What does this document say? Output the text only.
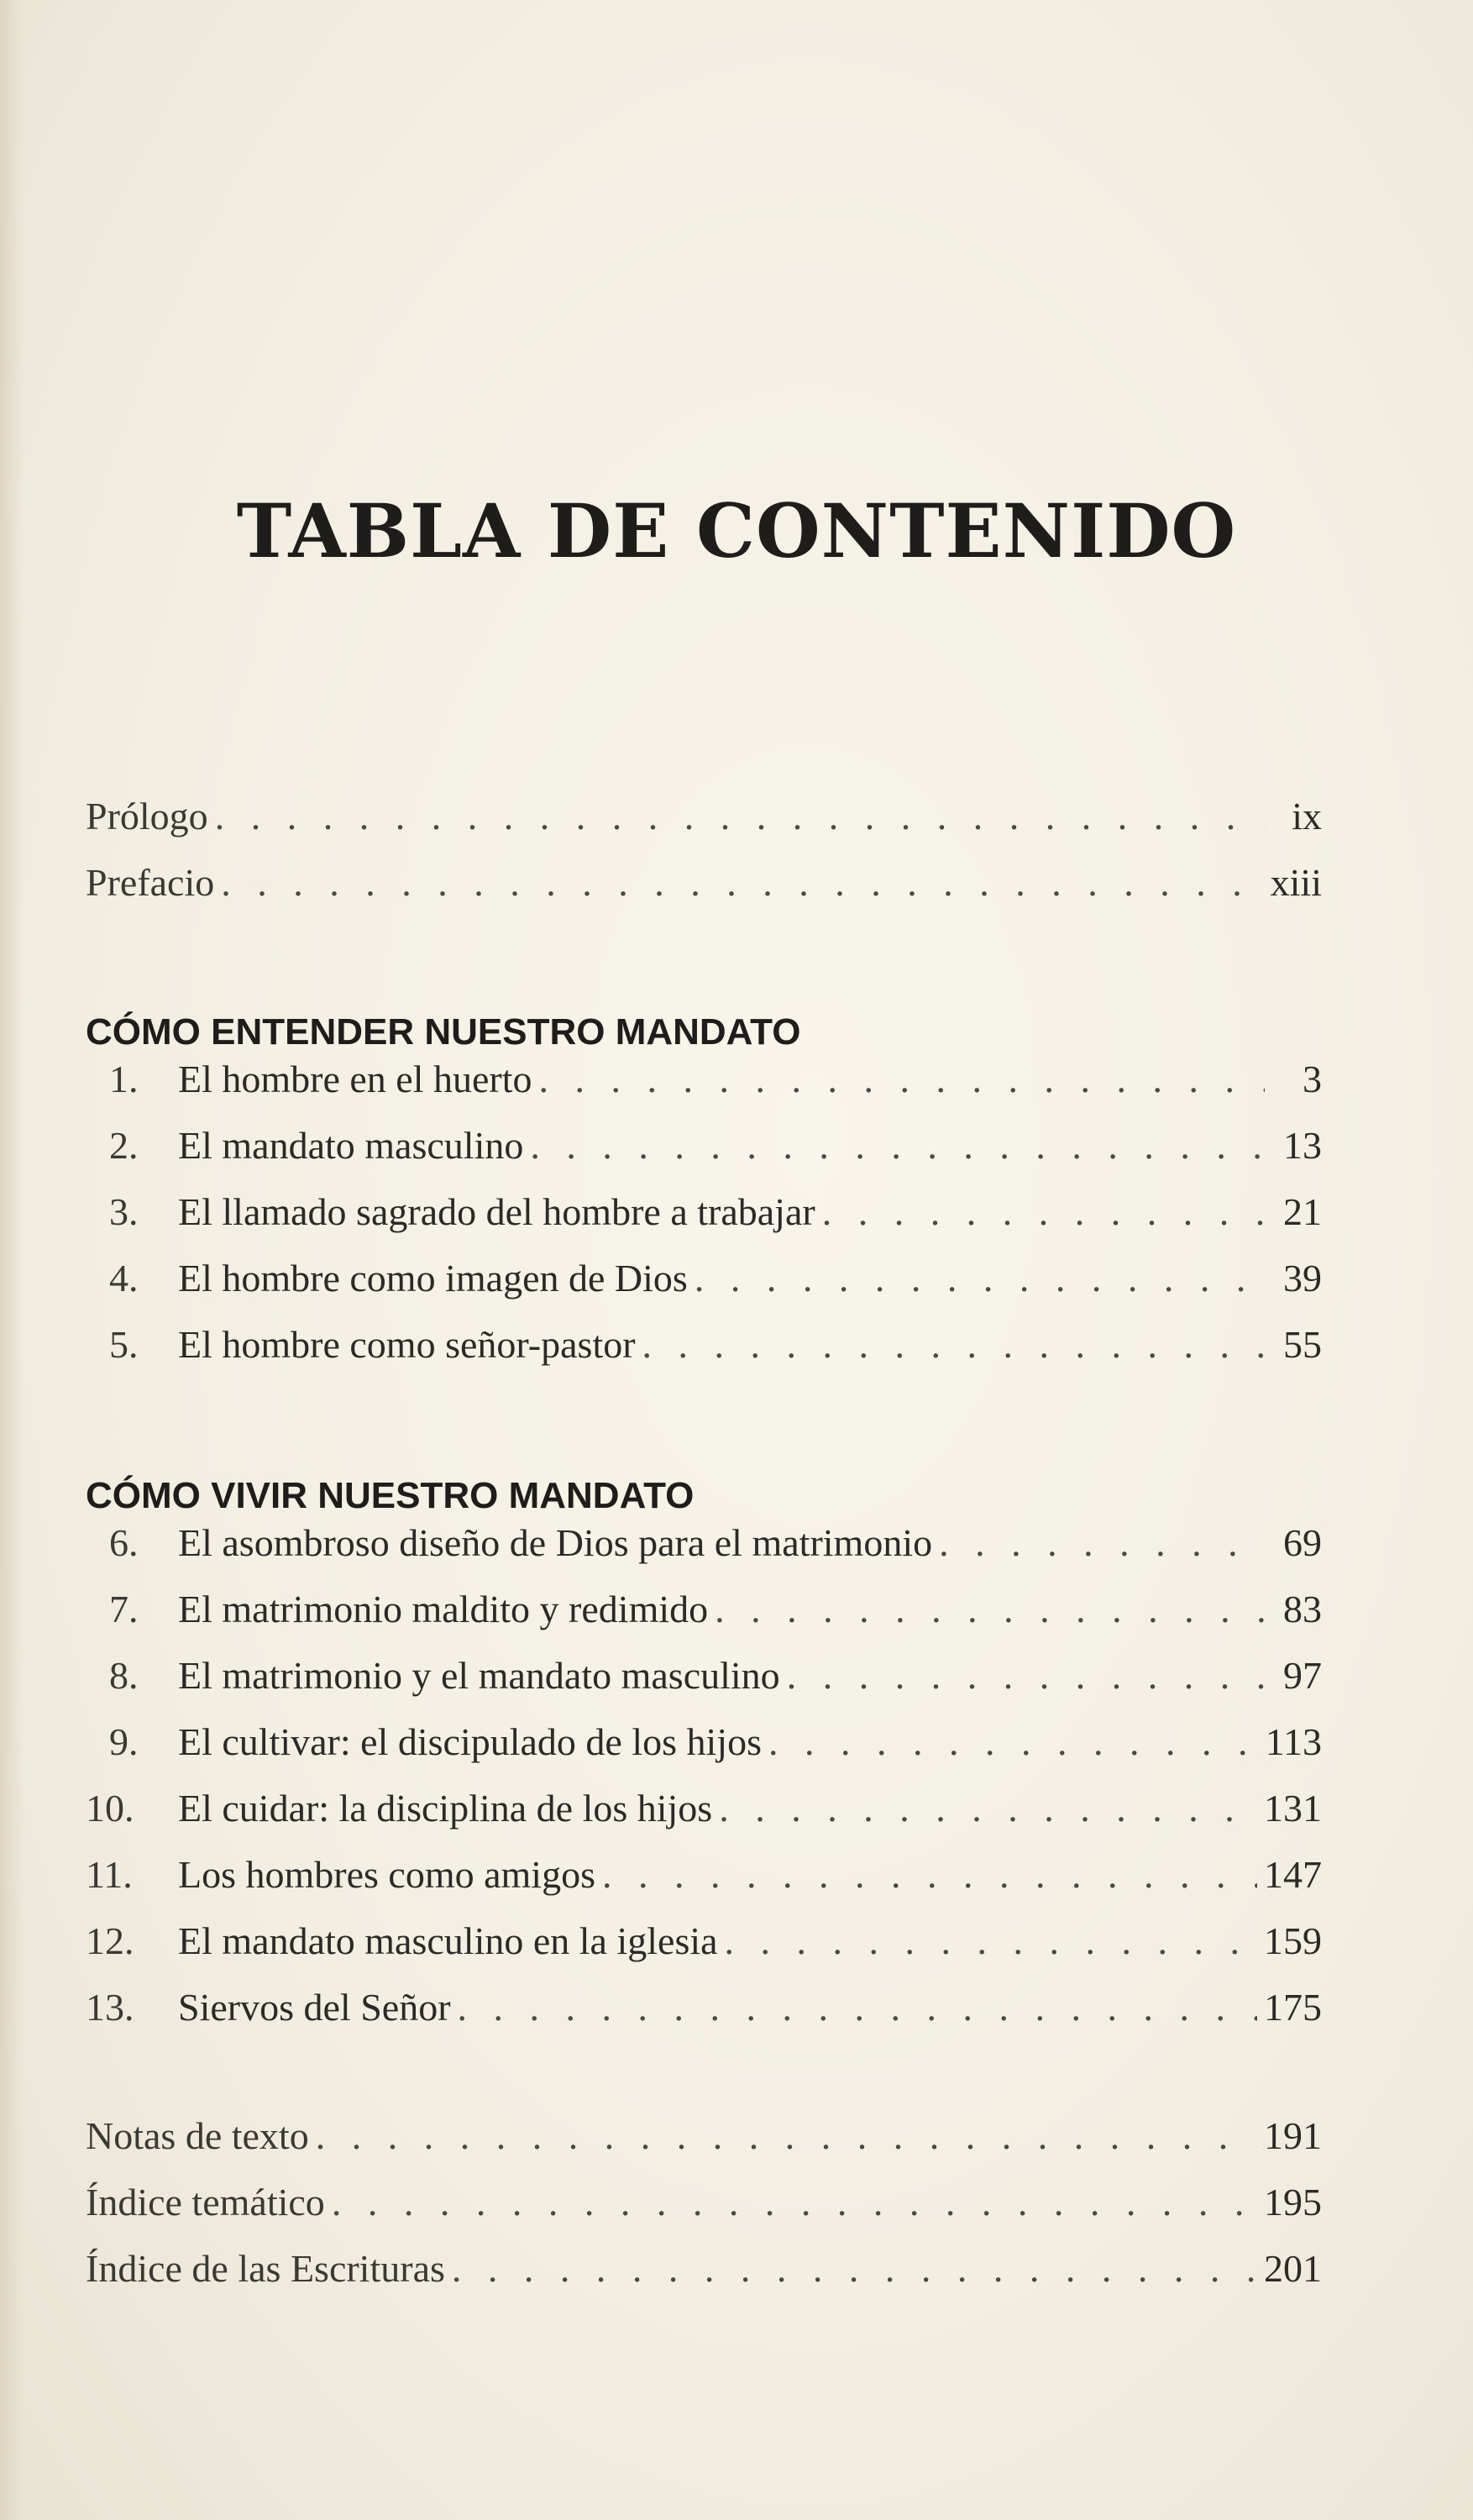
TABLA DE CONTENIDO
Prólogo . . .	ix
Prefacio . . .	xiii
CÓMO ENTENDER NUESTRO MANDATO
1.	El hombre en el huerto . . .	3
2.	El mandato masculino . . .	13
3.	El llamado sagrado del hombre a trabajar . . .	21
4.	El hombre como imagen de Dios . . .	39
5.	El hombre como señor-pastor . . .	55
CÓMO VIVIR NUESTRO MANDATO
6.	El asombroso diseño de Dios para el matrimonio . . .	69
7.	El matrimonio maldito y redimido . . .	83
8.	El matrimonio y el mandato masculino . . .	97
9.	El cultivar: el discipulado de los hijos . . .	113
10.	El cuidar: la disciplina de los hijos . . .	131
11.	Los hombres como amigos . . .	147
12.	El mandato masculino en la iglesia . . .	159
13.	Siervos del Señor . . .	175
Notas de texto . . .	191
Índice temático . . .	195
Índice de las Escrituras . . .	201
